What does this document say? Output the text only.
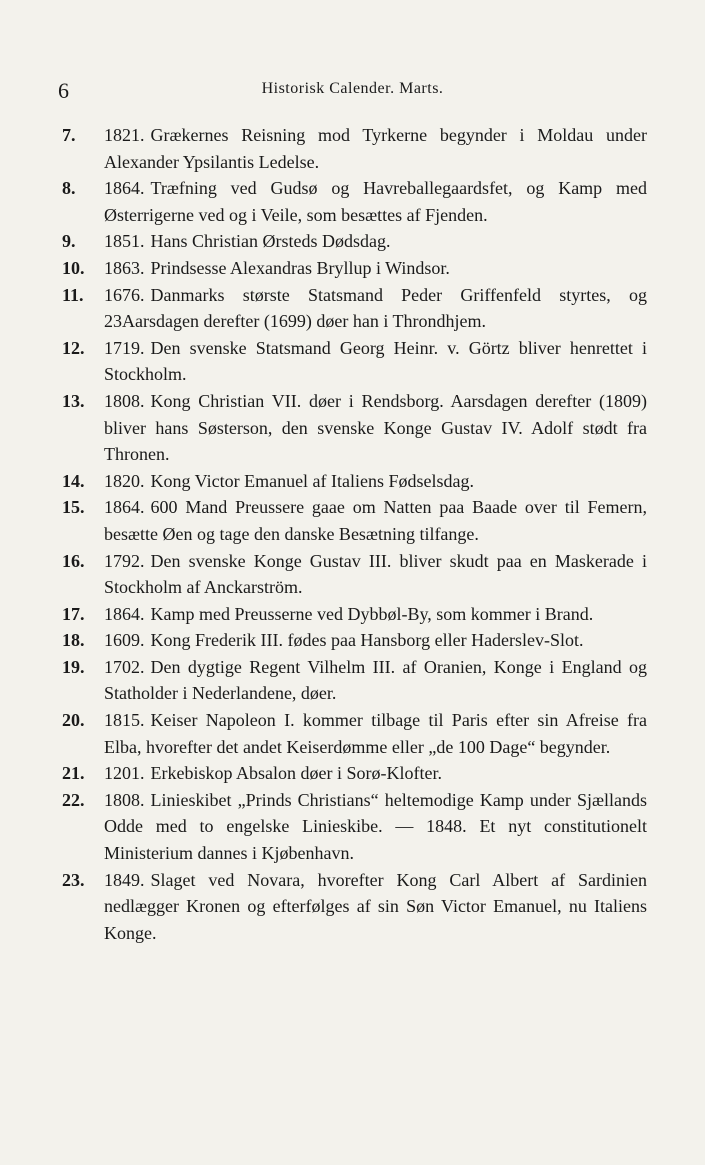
6	Historisk Calender. Marts.
7.	1821. Grækernes Reisning mod Tyrkerne begynder i Moldau under Alexander Ypsilantis Ledelse.
8.	1864. Træfning ved Gudsø og Havreballegaardsfet, og Kamp med Østerrigerne ved og i Veile, som besættes af Fjenden.
9.	1851. Hans Christian Ørsteds Dødsdag.
10.	1863. Prindsesse Alexandras Bryllup i Windsor.
11.	1676. Danmarks største Statsmand Peder Griffenfeld styrtes, og 23Aarsdagen derefter (1699) døer han i Throndhjem.
12.	1719. Den svenske Statsmand Georg Heinr. v. Görtz bliver henrettet i Stockholm.
13.	1808. Kong Christian VII. døer i Rendsborg. Aarsdagen derefter (1809) bliver hans Søsterson, den svenske Konge Gustav IV. Adolf stødt fra Thronen.
14.	1820. Kong Victor Emanuel af Italiens Fødselsdag.
15.	1864. 600 Mand Preussere gaae om Natten paa Baade over til Femern, besætte Øen og tage den danske Besætning tilfange.
16.	1792. Den svenske Konge Gustav III. bliver skudt paa en Maskerade i Stockholm af Anckarström.
17.	1864. Kamp med Preusserne ved Dybbøl-By, som kommer i Brand.
18.	1609. Kong Frederik III. fødes paa Hansborg eller Haderslev-Slot.
19.	1702. Den dygtige Regent Vilhelm III. af Oranien, Konge i England og Statholder i Nederlandene, døer.
20.	1815. Keiser Napoleon I. kommer tilbage til Paris efter sin Afreise fra Elba, hvorefter det andet Keiserdømme eller „de 100 Dage“ begynder.
21.	1201. Erkebiskop Absalon døer i Sorø-Klofter.
22.	1808. Linieskibet „Prinds Christians“ heltemodige Kamp under Sjællands Odde med to engelske Linieskibe. — 1848. Et nyt constitutionelt Ministerium dannes i Kjøbenhavn.
23.	1849. Slaget ved Novara, hvorefter Kong Carl Albert af Sardinien nedlægger Kronen og efterfølges af sin Søn Victor Emanuel, nu Italiens Konge.
